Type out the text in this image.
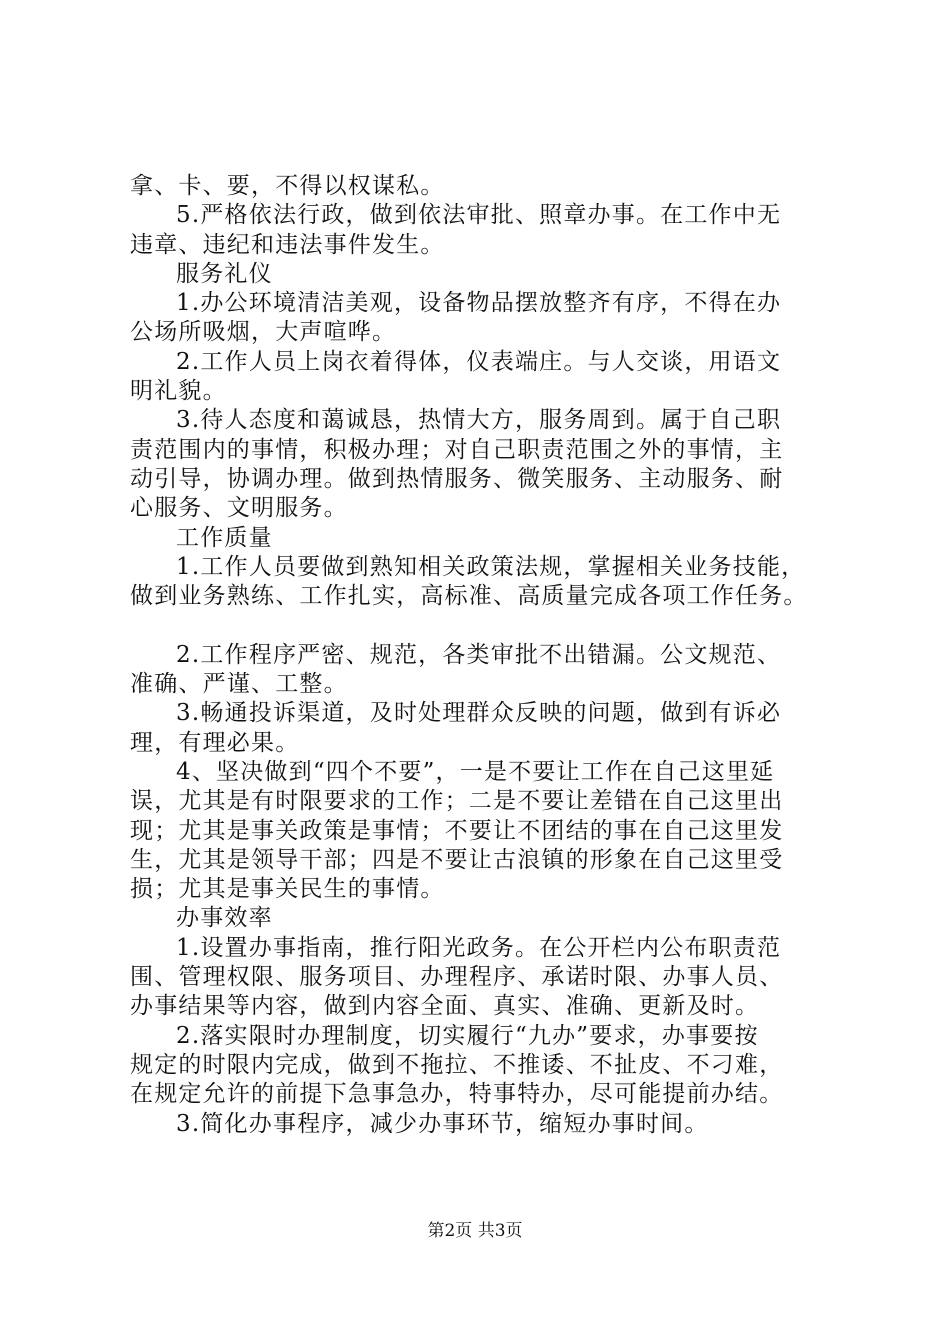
拿、卡、要，不得以权谋私。
5.严格依法行政，做到依法审批、照章办事。在工作中无
违章、违纪和违法事件发生。
服务礼仪
1.办公环境清洁美观，设备物品摆放整齐有序，不得在办
公场所吸烟，大声喧哗。
2.工作人员上岗衣着得体，仪表端庄。与人交谈，用语文
明礼貌。
3.待人态度和蔼诚恳，热情大方，服务周到。属于自己职
责范围内的事情，积极办理；对自己职责范围之外的事情，主
动引导，协调办理。做到热情服务、微笑服务、主动服务、耐
心服务、文明服务。
工作质量
1.工作人员要做到熟知相关政策法规，掌握相关业务技能，
做到业务熟练、工作扎实，高标准、高质量完成各项工作任务。
2.工作程序严密、规范，各类审批不出错漏。公文规范、
准确、严谨、工整。
3.畅通投诉渠道，及时处理群众反映的问题，做到有诉必
理，有理必果。
4、坚决做到“四个不要”，一是不要让工作在自己这里延
误，尤其是有时限要求的工作；二是不要让差错在自己这里出
现；尤其是事关政策是事情；不要让不团结的事在自己这里发
生，尤其是领导干部；四是不要让古浪镇的形象在自己这里受
损；尤其是事关民生的事情。
办事效率
1.设置办事指南，推行阳光政务。在公开栏内公布职责范
围、管理权限、服务项目、办理程序、承诺时限、办事人员、
办事结果等内容，做到内容全面、真实、准确、更新及时。
2.落实限时办理制度，切实履行“九办”要求，办事要按
规定的时限内完成，做到不拖拉、不推诿、不扯皮、不刁难，
在规定允许的前提下急事急办，特事特办，尽可能提前办结。
3.简化办事程序，减少办事环节，缩短办事时间。
第2页 共3页
